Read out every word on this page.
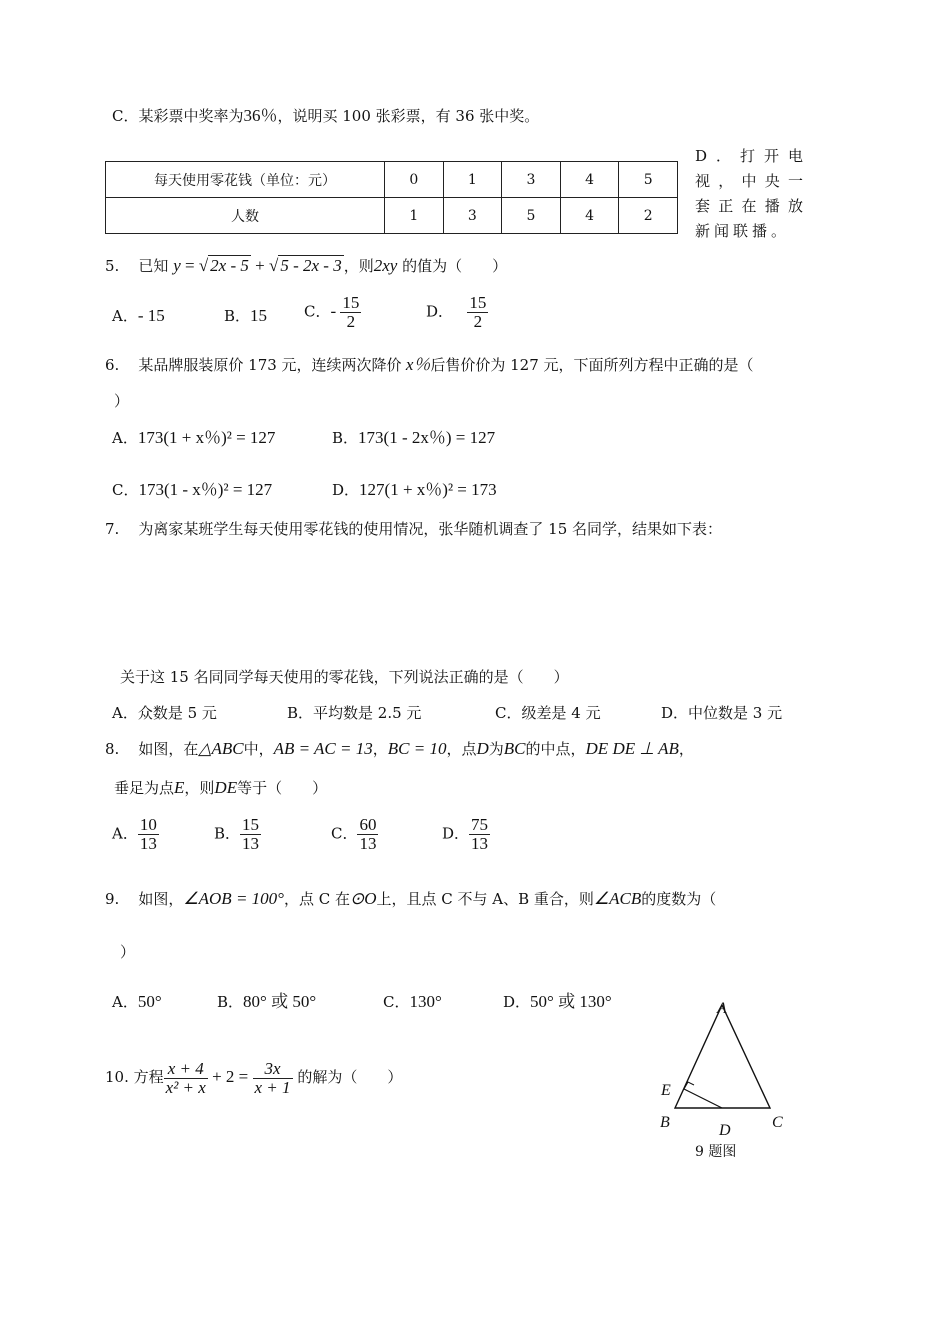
C．某彩票中奖率为36％，说明买 100 张彩票，有 36 张中奖。
每天使用零花钱（单位：元）	0	1	3	4	5
人数	1	3	5	4	2
D．打开电视，中央一套正在播放新闻联播。
5. 已知 y = √ 2x - 5 + √ 5 - 2x - 3 ，则2xy 的值为（　　）
A．- 15	B．15 C．- $\frac{15}{2}$	D． $\frac{15}{2}$
6. 某品牌服装原价 173 元，连续两次降价 x％后售价价为 127 元，下面所列方程中正确的是（
）
A．173(1 + x％)² = 127	B．173(1 - 2x％) = 127
C．173(1 - x％)² = 127	D．127(1 + x％)² = 173
7. 为离家某班学生每天使用零花钱的使用情况，张华随机调查了 15 名同学，结果如下表：
关于这 15 名同同学每天使用的零花钱，下列说法正确的是（　　）
A．众数是 5 元	B．平均数是 2.5 元	C．级差是 4 元	D．中位数是 3 元
8. 如图，在△ABC中，AB = AC = 13，BC = 10，点D为BC的中点，DE DE ⊥ AB，
垂足为点E，则DE等于（　　）
A． $\frac{10}{13}$	B． $\frac{15}{13}$	C． $\frac{60}{13}$	D． $\frac{75}{13}$
9. 如图，∠AOB = 100°，点 C 在⊙O上，且点 C 不与 A、B 重合，则∠ACB的度数为（
）
A．50°	B．80° 或 50°	C．130°	D．50° 或 130°
10. 方程 $\frac{x + 4}{\text{x² + x}} + 2 = \frac{3x}{x + 1}$ 的解为（　　）
A
B	C
D
E
9 题图
